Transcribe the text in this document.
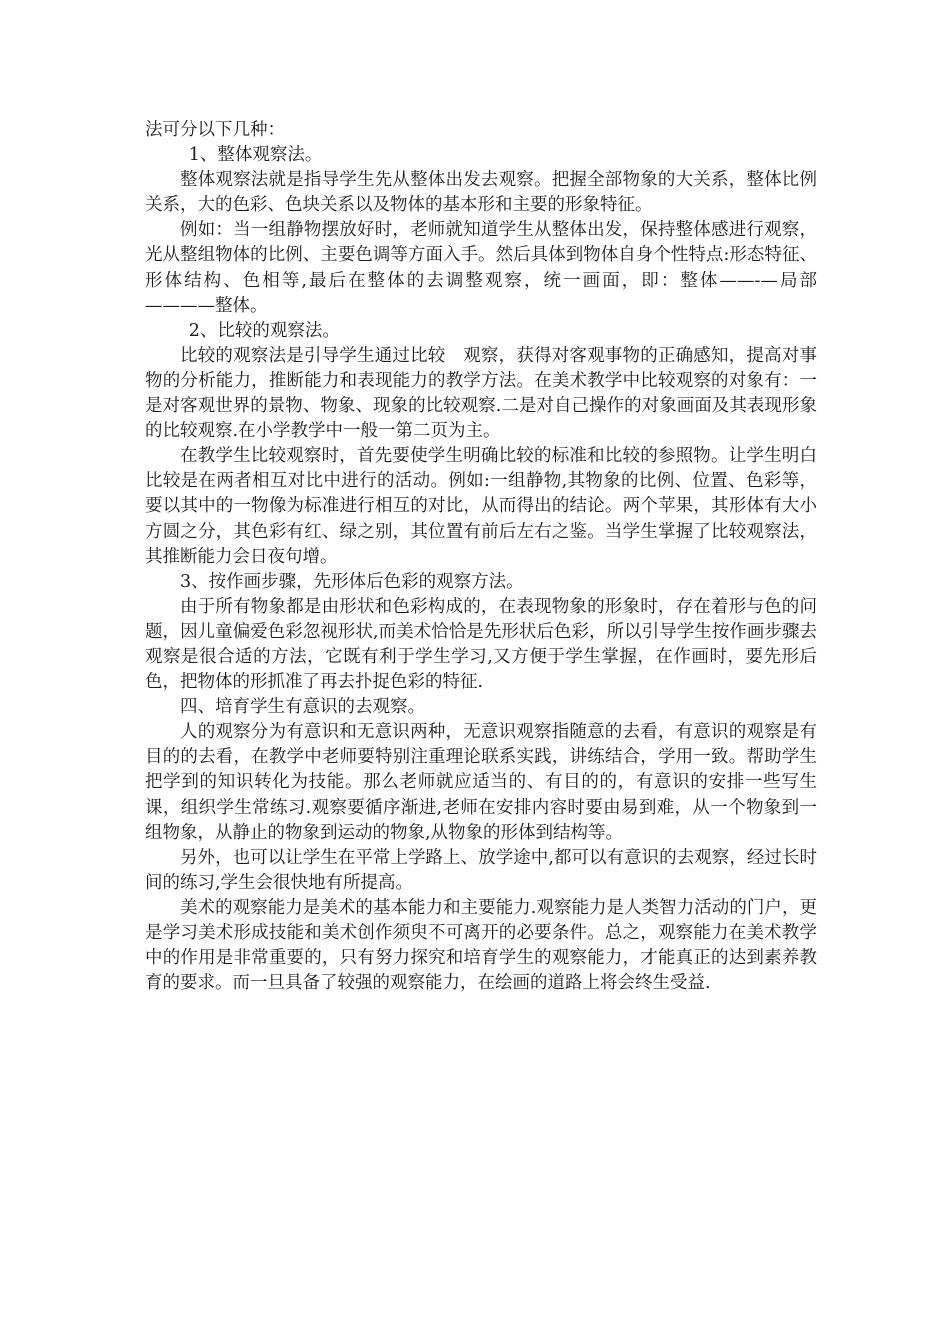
法可分以下几种：

1、整体观察法。

整体观察法就是指导学生先从整体出发去观察。把握全部物象的大关系，整体比例关系，大的色彩、色块关系以及物体的基本形和主要的形象特征。

例如：当一组静物摆放好时，老师就知道学生从整体出发，保持整体感进行观察，光从整组物体的比例、主要色调等方面入手。然后具体到物体自身个性特点:形态特征、形体结构、色相等,最后在整体的去调整观察，统一画面，即：整体——-—局部————整体。

2、比较的观察法。

比较的观察法是引导学生通过比较　观察，获得对客观事物的正确感知，提高对事物的分析能力，推断能力和表现能力的教学方法。在美术教学中比较观察的对象有：一是对客观世界的景物、物象、现象的比较观察.二是对自己操作的对象画面及其表现形象的比较观察.在小学教学中一般一第二页为主。

在教学生比较观察时，首先要使学生明确比较的标准和比较的参照物。让学生明白比较是在两者相互对比中进行的活动。例如:一组静物,其物象的比例、位置、色彩等，要以其中的一物像为标准进行相互的对比，从而得出的结论。两个苹果，其形体有大小方圆之分，其色彩有红、绿之别，其位置有前后左右之鉴。当学生掌握了比较观察法，其推断能力会日夜句增。

3、按作画步骤，先形体后色彩的观察方法。

由于所有物象都是由形状和色彩构成的，在表现物象的形象时，存在着形与色的问题，因儿童偏爱色彩忽视形状,而美术恰恰是先形状后色彩，所以引导学生按作画步骤去观察是很合适的方法，它既有利于学生学习,又方便于学生掌握，在作画时，要先形后色，把物体的形抓准了再去扑捉色彩的特征.

四、培育学生有意识的去观察。

人的观察分为有意识和无意识两种，无意识观察指随意的去看，有意识的观察是有目的的去看，在教学中老师要特别注重理论联系实践，讲练结合，学用一致。帮助学生把学到的知识转化为技能。那么老师就应适当的、有目的的，有意识的安排一些写生课，组织学生常练习.观察要循序渐进,老师在安排内容时要由易到难，从一个物象到一组物象，从静止的物象到运动的物象,从物象的形体到结构等。

另外，也可以让学生在平常上学路上、放学途中,都可以有意识的去观察，经过长时间的练习,学生会很快地有所提高。

美术的观察能力是美术的基本能力和主要能力.观察能力是人类智力活动的门户，更是学习美术形成技能和美术创作须臾不可离开的必要条件。总之，观察能力在美术教学中的作用是非常重要的，只有努力探究和培育学生的观察能力，才能真正的达到素养教育的要求。而一旦具备了较强的观察能力，在绘画的道路上将会终生受益.
